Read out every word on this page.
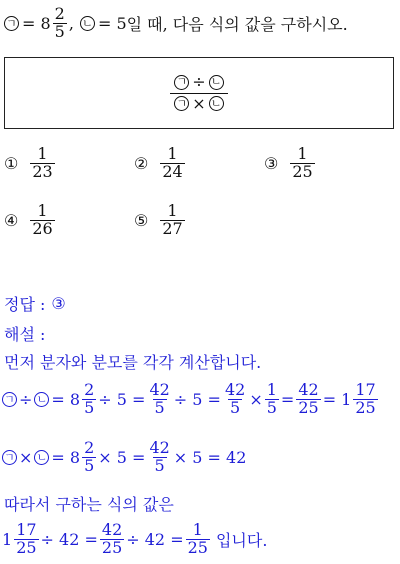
ㄱ = $8 \frac{2}{5}$ , ㄴ = 5 일 때, 다음 식의 값을 구하시오.
$\frac{\text{ㄱ ÷ ㄴ}}{\text{ㄱ × ㄴ}}$
① $\frac{1}{23}$	② $\frac{1}{24}$	③ $\frac{1}{25}$
④ $\frac{1}{26}$	⑤ $\frac{1}{27}$
정답 : ③
해설 :
먼저 분자와 분모를 각각 계산합니다.
ㄱ ÷ ㄴ = $8 \frac{2}{5} \div 5 = \frac{42}{5} \div 5 = \frac{42}{5} \times \frac{1}{5} = \frac{42}{25} = 1 \frac{17}{25}$
ㄱ × ㄴ = $8 \frac{2}{5} \times 5 = \frac{42}{5} \times 5 = 42$
따라서 구하는 식의 값은
$1 \frac{17}{25} \div 42 = \frac{42}{25} \div 42 = \frac{1}{25}$ 입니다.
